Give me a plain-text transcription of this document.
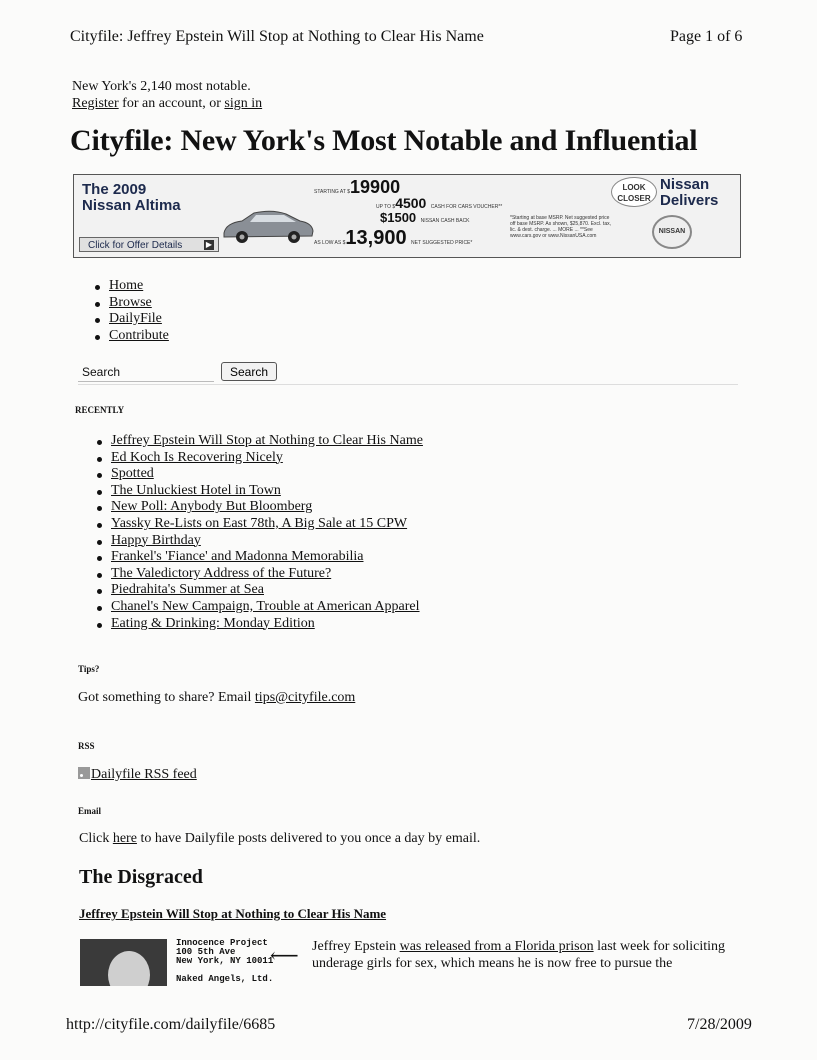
Cityfile: Jeffrey Epstein Will Stop at Nothing to Clear His Name	Page 1 of 6
New York's 2,140 most notable.
Register for an account, or sign in
Cityfile: New York's Most Notable and Influential
The 2009
Nissan Altima
STARTING AT $19900
UP TO $4500 CASH FOR CARS VOUCHER**
$1500 NISSAN CASH BACK
AS LOW AS $13,900 NET SUGGESTED PRICE*
*Starting at base MSRP. Net suggested price off base MSRP. As shown, $25,870. Excl. tax, lic. & dest. charge. ... MORE ... **See www.cars.gov or www.NissanUSA.com
LOOK CLOSER
Nissan
Delivers
NISSAN
Click for Offer Details	▶
Home
Browse
DailyFile
Contribute
Search
Search
RECENTLY
Jeffrey Epstein Will Stop at Nothing to Clear His Name
Ed Koch Is Recovering Nicely
Spotted
The Unluckiest Hotel in Town
New Poll: Anybody But Bloomberg
Yassky Re-Lists on East 78th, A Big Sale at 15 CPW
Happy Birthday
Frankel's 'Fiance' and Madonna Memorabilia
The Valedictory Address of the Future?
Piedrahita's Summer at Sea
Chanel's New Campaign, Trouble at American Apparel
Eating & Drinking: Monday Edition
Tips?
Got something to share? Email tips@cityfile.com
RSS
Dailyfile RSS feed
Email
Click here to have Dailyfile posts delivered to you once a day by email.
The Disgraced
Jeffrey Epstein Will Stop at Nothing to Clear His Name
Innocence Project
100 5th Ave
New York, NY 10011

Naked Angels, Ltd.
⟵ Jeffrey Epstein was released from a Florida prison last week for soliciting underage girls for sex, which means he is now free to pursue the
http://cityfile.com/dailyfile/6685	7/28/2009
